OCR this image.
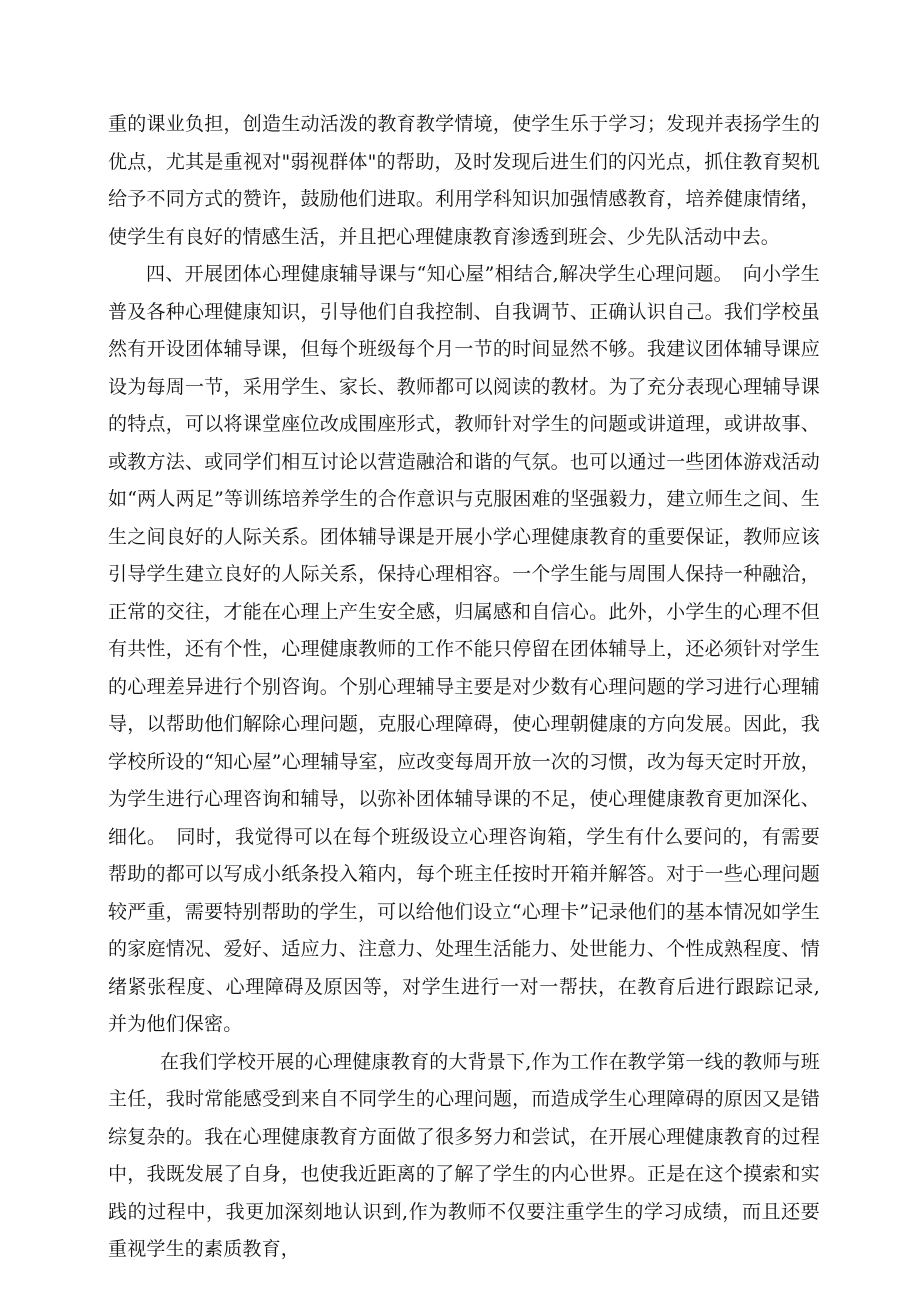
重的课业负担，创造生动活泼的教育教学情境，使学生乐于学习；发现并表扬学生的优点，尤其是重视对"弱视群体"的帮助，及时发现后进生们的闪光点，抓住教育契机给予不同方式的赞许，鼓励他们进取。利用学科知识加强情感教育，培养健康情绪，使学生有良好的情感生活，并且把心理健康教育渗透到班会、少先队活动中去。

四、开展团体心理健康辅导课与“知心屋”相结合,解决学生心理问题。　向小学生普及各种心理健康知识，引导他们自我控制、自我调节、正确认识自己。我们学校虽然有开设团体辅导课，但每个班级每个月一节的时间显然不够。我建议团体辅导课应设为每周一节，采用学生、家长、教师都可以阅读的教材。为了充分表现心理辅导课的特点，可以将课堂座位改成围座形式，教师针对学生的问题或讲道理，或讲故事、或教方法、或同学们相互讨论以营造融洽和谐的气氛。也可以通过一些团体游戏活动如“两人两足”等训练培养学生的合作意识与克服困难的坚强毅力，建立师生之间、生生之间良好的人际关系。团体辅导课是开展小学心理健康教育的重要保证，教师应该引导学生建立良好的人际关系，保持心理相容。一个学生能与周围人保持一种融洽，正常的交往，才能在心理上产生安全感，归属感和自信心。此外，小学生的心理不但有共性，还有个性，心理健康教师的工作不能只停留在团体辅导上，还必须针对学生的心理差异进行个别咨询。个别心理辅导主要是对少数有心理问题的学习进行心理辅导，以帮助他们解除心理问题，克服心理障碍，使心理朝健康的方向发展。因此，我学校所设的“知心屋”心理辅导室，应改变每周开放一次的习惯，改为每天定时开放，为学生进行心理咨询和辅导，以弥补团体辅导课的不足，使心理健康教育更加深化、细化。　同时，我觉得可以在每个班级设立心理咨询箱，学生有什么要问的，有需要帮助的都可以写成小纸条投入箱内，每个班主任按时开箱并解答。对于一些心理问题较严重，需要特别帮助的学生，可以给他们设立“心理卡”记录他们的基本情况如学生的家庭情况、爱好、适应力、注意力、处理生活能力、处世能力、个性成熟程度、情绪紧张程度、心理障碍及原因等，对学生进行一对一帮扶，在教育后进行跟踪记录,并为他们保密。

在我们学校开展的心理健康教育的大背景下,作为工作在教学第一线的教师与班主任，我时常能感受到来自不同学生的心理问题，而造成学生心理障碍的原因又是错综复杂的。我在心理健康教育方面做了很多努力和尝试，在开展心理健康教育的过程中，我既发展了自身，也使我近距离的了解了学生的内心世界。正是在这个摸索和实践的过程中，我更加深刻地认识到,作为教师不仅要注重学生的学习成绩，而且还要重视学生的素质教育，
